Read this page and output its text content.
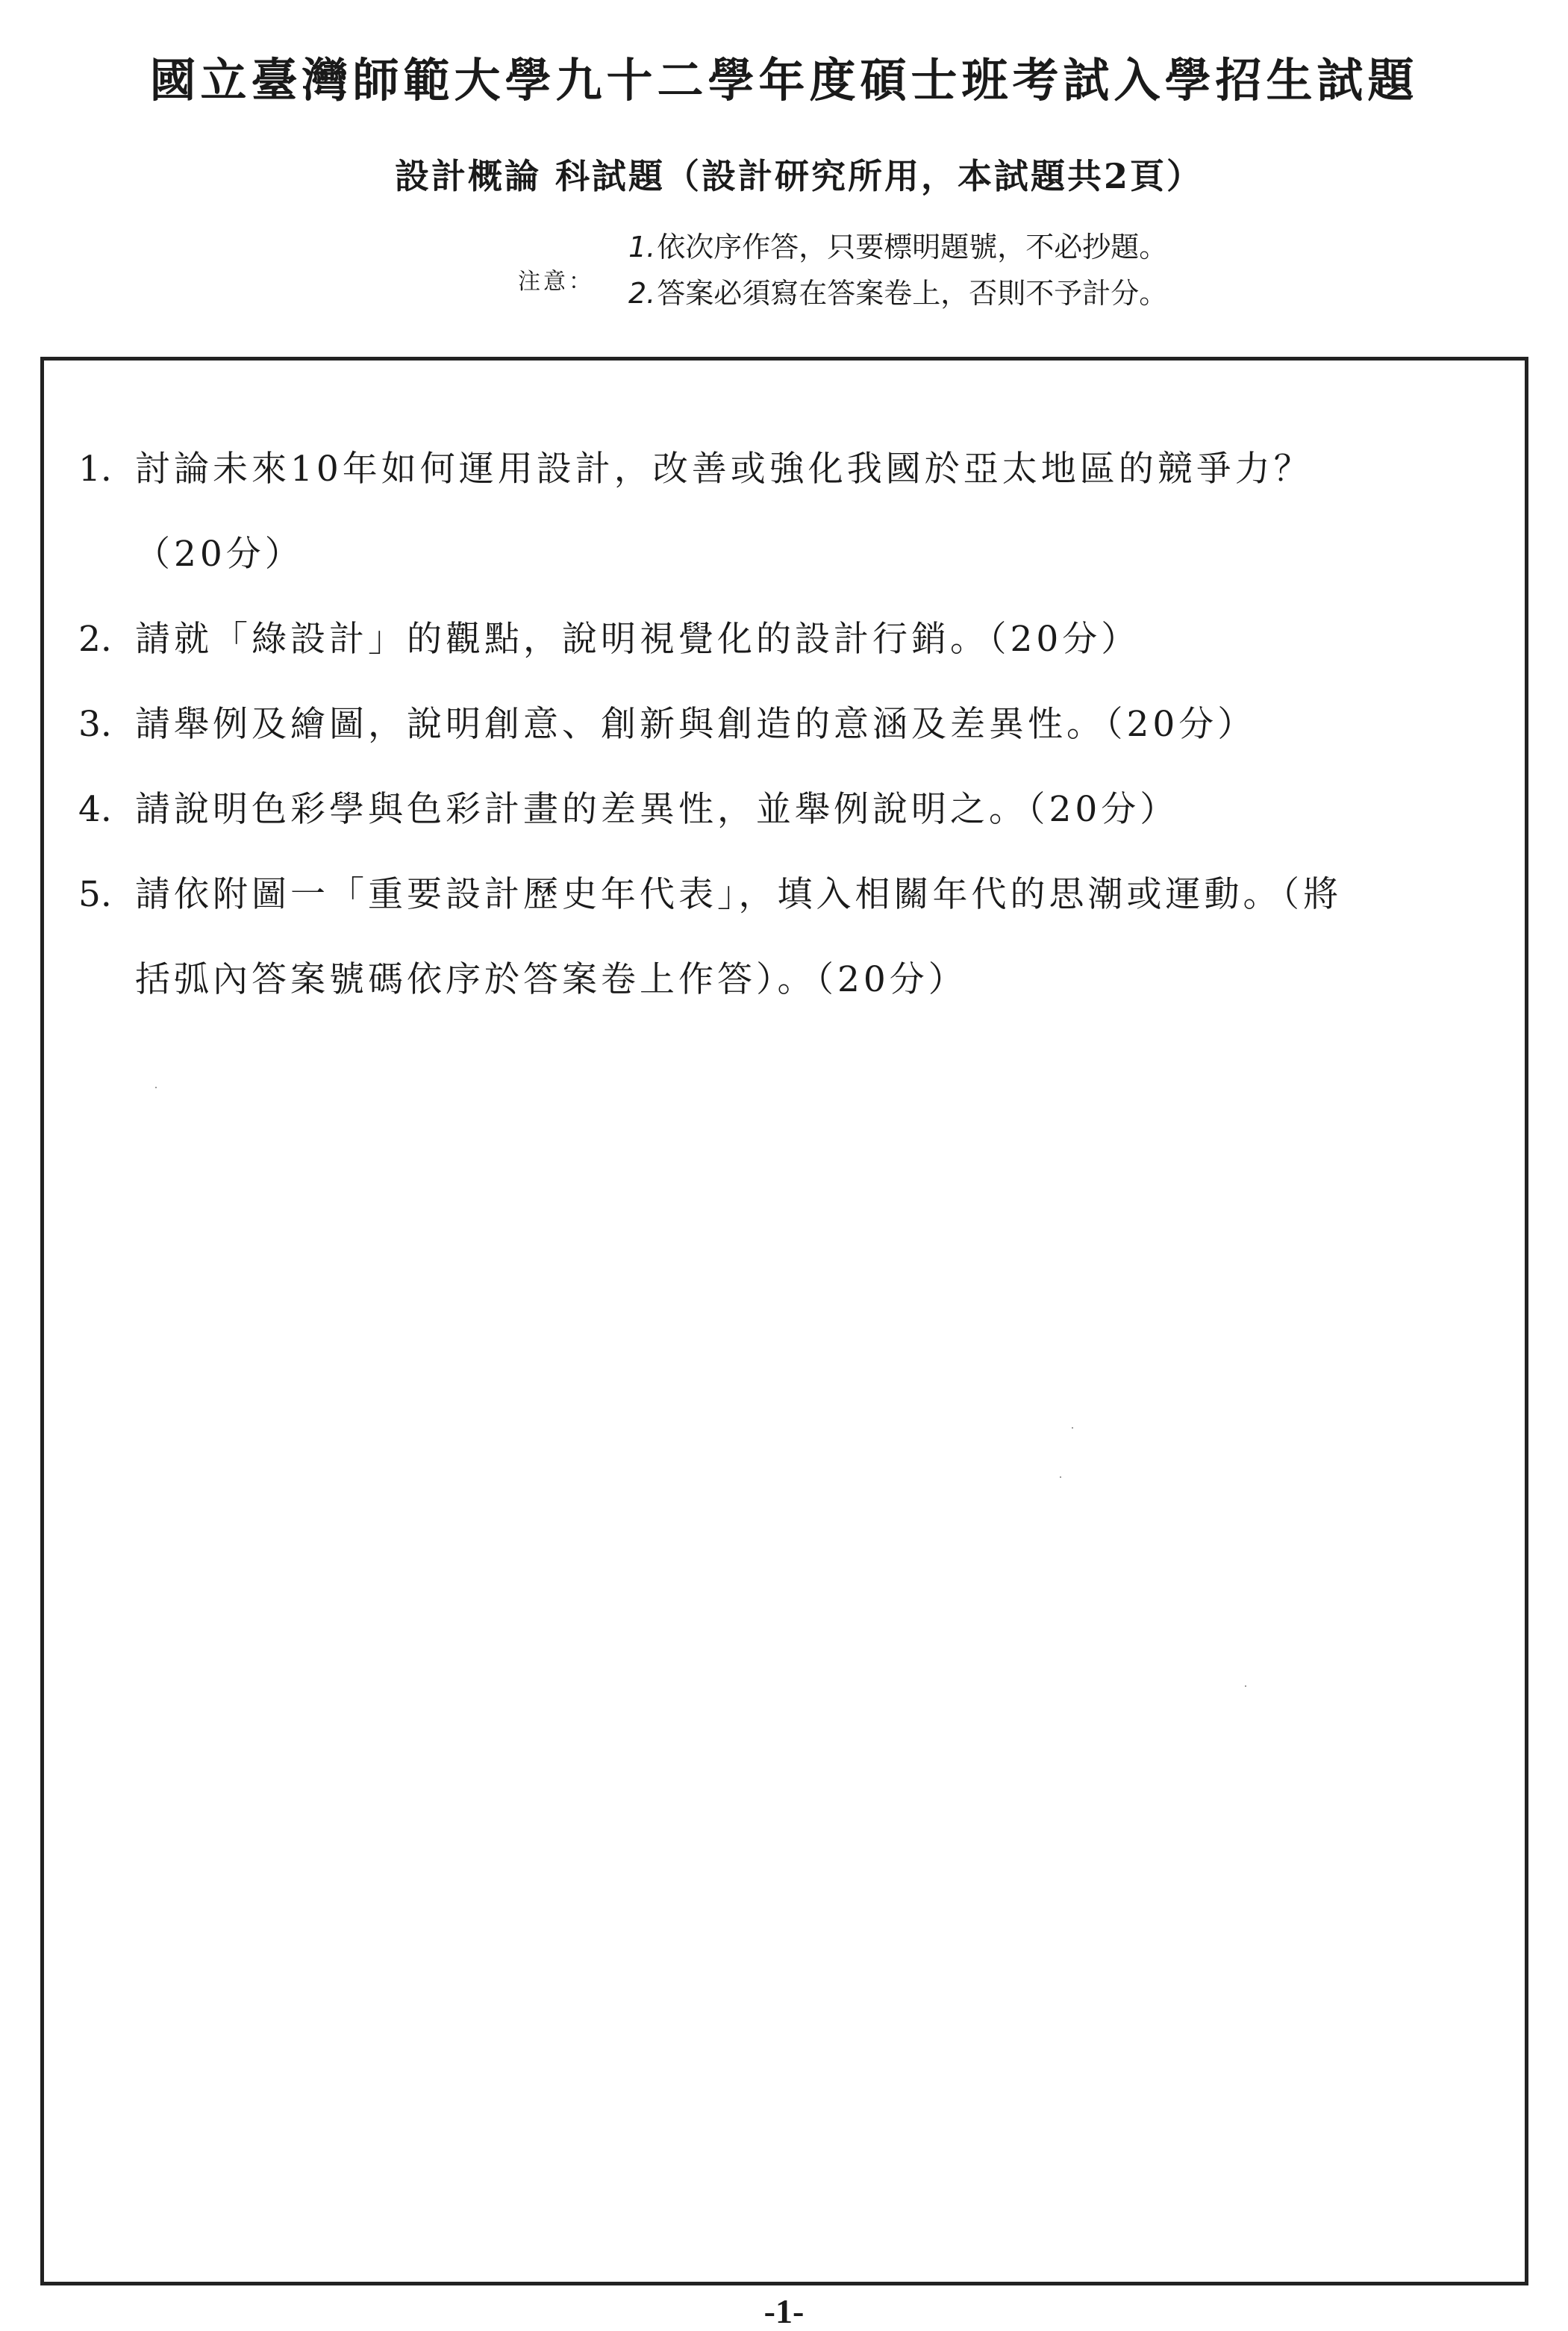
國立臺灣師範大學九十二學年度碩士班考試入學招生試題
設計概論 科試題（設計研究所用，本試題共2頁）
注意：
1.依次序作答，只要標明題號，不必抄題。
2.答案必須寫在答案卷上，否則不予計分。
1. 討論未來10年如何運用設計，改善或強化我國於亞太地區的競爭力？
（20分）
2. 請就「綠設計」的觀點，說明視覺化的設計行銷。（20分）
3. 請舉例及繪圖，說明創意、創新與創造的意涵及差異性。（20分）
4. 請說明色彩學與色彩計畫的差異性，並舉例說明之。（20分）
5. 請依附圖一「重要設計歷史年代表」，填入相關年代的思潮或運動。（將
括弧內答案號碼依序於答案卷上作答）。（20分）
-1-
